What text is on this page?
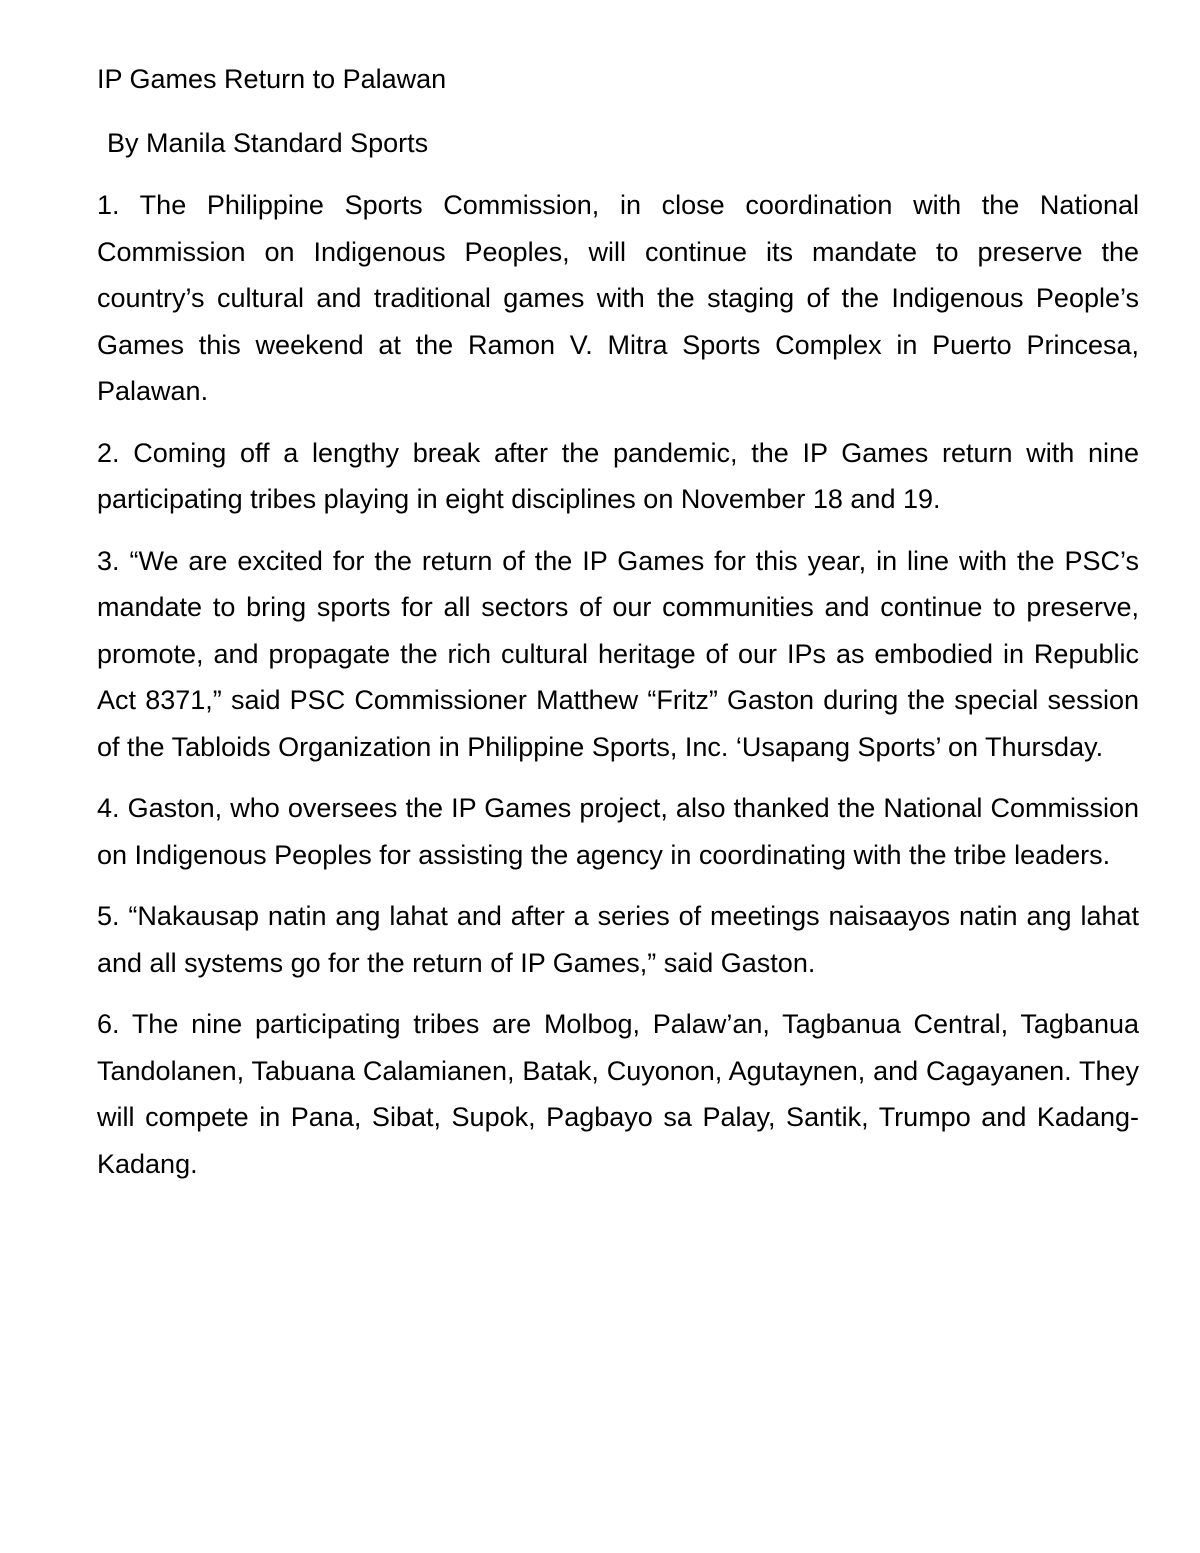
IP Games Return to Palawan
By Manila Standard Sports

1. The Philippine Sports Commission, in close coordination with the National Commission on Indigenous Peoples, will continue its mandate to preserve the country’s cultural and traditional games with the staging of the Indigenous People’s Games this weekend at the Ramon V. Mitra Sports Complex in Puerto Princesa, Palawan.

2. Coming off a lengthy break after the pandemic, the IP Games return with nine participating tribes playing in eight disciplines on November 18 and 19.

3. “We are excited for the return of the IP Games for this year, in line with the PSC’s mandate to bring sports for all sectors of our communities and continue to preserve, promote, and propagate the rich cultural heritage of our IPs as embodied in Republic Act 8371,” said PSC Commissioner Matthew “Fritz” Gaston during the special session of the Tabloids Organization in Philippine Sports, Inc. ‘Usapang Sports’ on Thursday.

4. Gaston, who oversees the IP Games project, also thanked the National Commission on Indigenous Peoples for assisting the agency in coordinating with the tribe leaders.

5. “Nakausap natin ang lahat and after a series of meetings naisaayos natin ang lahat and all systems go for the return of IP Games,” said Gaston.

6. The nine participating tribes are Molbog, Palaw’an, Tagbanua Central, Tagbanua Tandolanen, Tabuana Calamianen, Batak, Cuyonon, Agutaynen, and Cagayanen. They will compete in Pana, Sibat, Supok, Pagbayo sa Palay, Santik, Trumpo and Kadang-Kadang.
